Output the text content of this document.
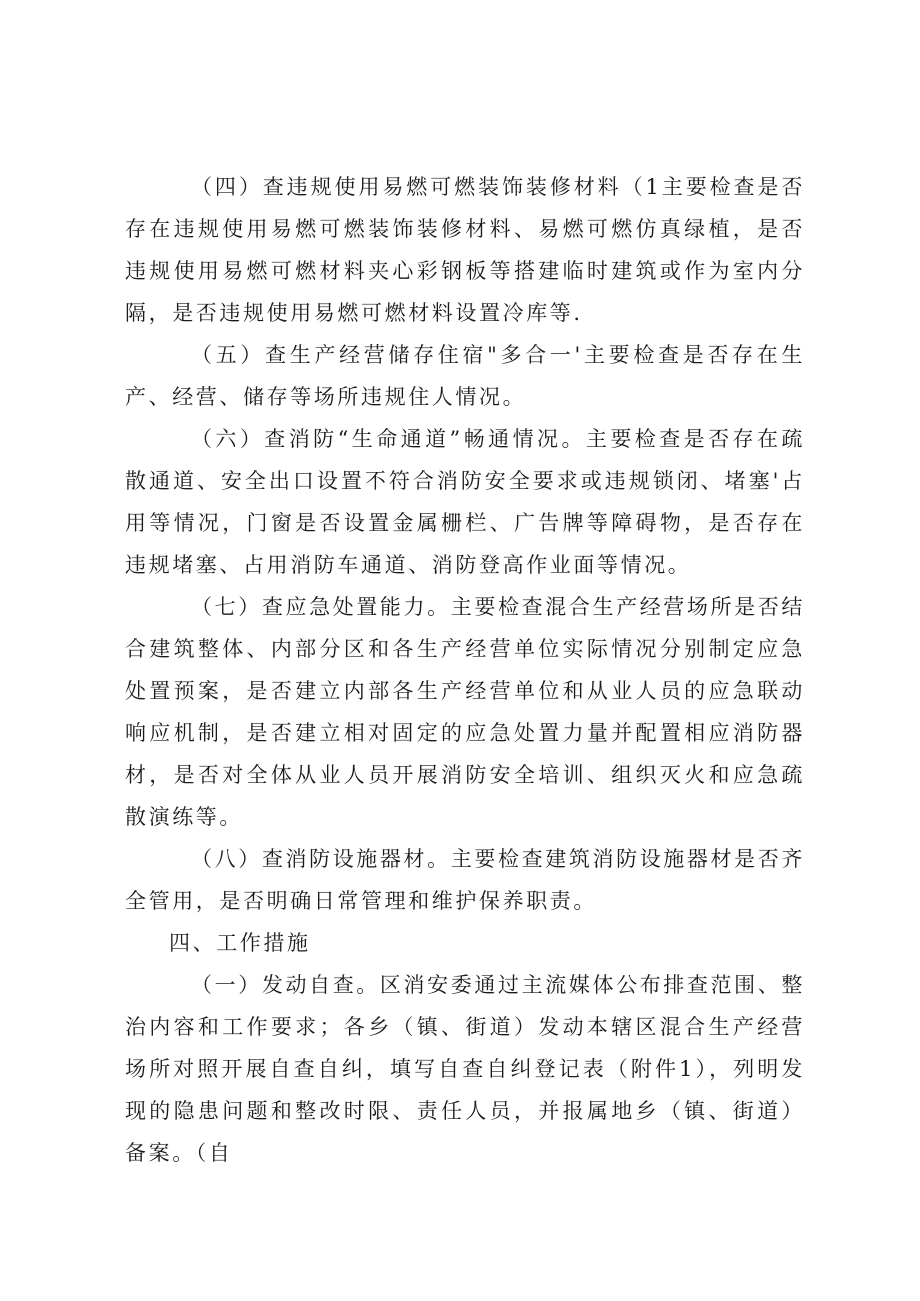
（四）查违规使用易燃可燃装饰装修材料（1主要检查是否存在违规使用易燃可燃装饰装修材料、易燃可燃仿真绿植，是否违规使用易燃可燃材料夹心彩钢板等搭建临时建筑或作为室内分隔，是否违规使用易燃可燃材料设置冷库等.

（五）查生产经营储存住宿"多合一'主要检查是否存在生产、经营、储存等场所违规住人情况。

（六）查消防“生命通道”畅通情况。主要检查是否存在疏散通道、安全出口设置不符合消防安全要求或违规锁闭、堵塞'占用等情况，门窗是否设置金属栅栏、广告牌等障碍物，是否存在违规堵塞、占用消防车通道、消防登高作业面等情况。

（七）查应急处置能力。主要检查混合生产经营场所是否结合建筑整体、内部分区和各生产经营单位实际情况分别制定应急处置预案，是否建立内部各生产经营单位和从业人员的应急联动响应机制，是否建立相对固定的应急处置力量并配置相应消防器材，是否对全体从业人员开展消防安全培训、组织灭火和应急疏散演练等。

（八）查消防设施器材。主要检查建筑消防设施器材是否齐全管用，是否明确日常管理和维护保养职责。

四、工作措施

（一）发动自查。区消安委通过主流媒体公布排查范围、整治内容和工作要求；各乡（镇、街道）发动本辖区混合生产经营场所对照开展自查自纠，填写自查自纠登记表（附件1），列明发现的隐患问题和整改时限、责任人员，并报属地乡（镇、街道）备案。（自
